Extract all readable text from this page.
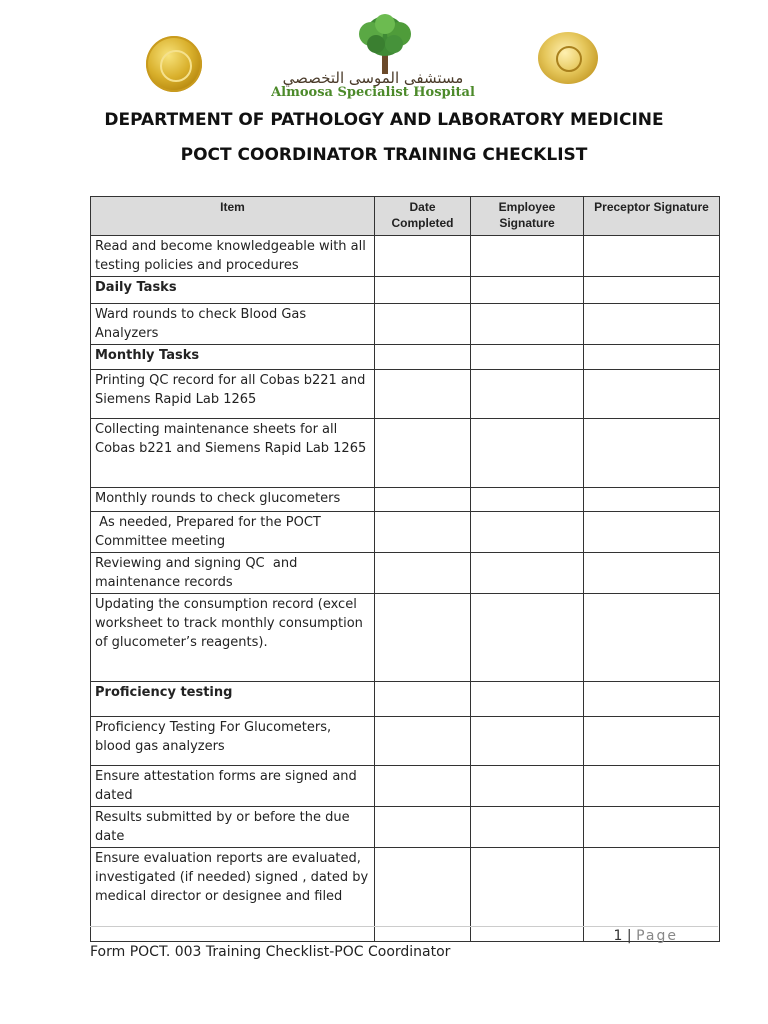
مستشفى الموسى التخصصي
Almoosa Specialist Hospital
DEPARTMENT OF PATHOLOGY AND LABORATORY MEDICINE
POCT COORDINATOR TRAINING CHECKLIST
Item	Date Completed	Employee Signature	Preceptor Signature
Read and become knowledgeable with all testing policies and procedures			
Daily Tasks			
Ward rounds to check Blood Gas Analyzers			
Monthly Tasks			
Printing QC record for all Cobas b221 and Siemens Rapid Lab 1265			
Collecting maintenance sheets for all Cobas b221 and Siemens Rapid Lab 1265			
Monthly rounds to check glucometers			
As needed, Prepared for the POCT Committee meeting			
Reviewing and signing QC  and maintenance records			
Updating the consumption record (excel worksheet to track monthly consumption of glucometer’s reagents).			
Proficiency testing			
Proficiency Testing For Glucometers, blood gas analyzers			
Ensure attestation forms are signed and dated			
Results submitted by or before the due date			
Ensure evaluation reports are evaluated, investigated (if needed) signed , dated by medical director or designee and filed			
1 | Page
Form POCT. 003 Training Checklist-POC Coordinator
